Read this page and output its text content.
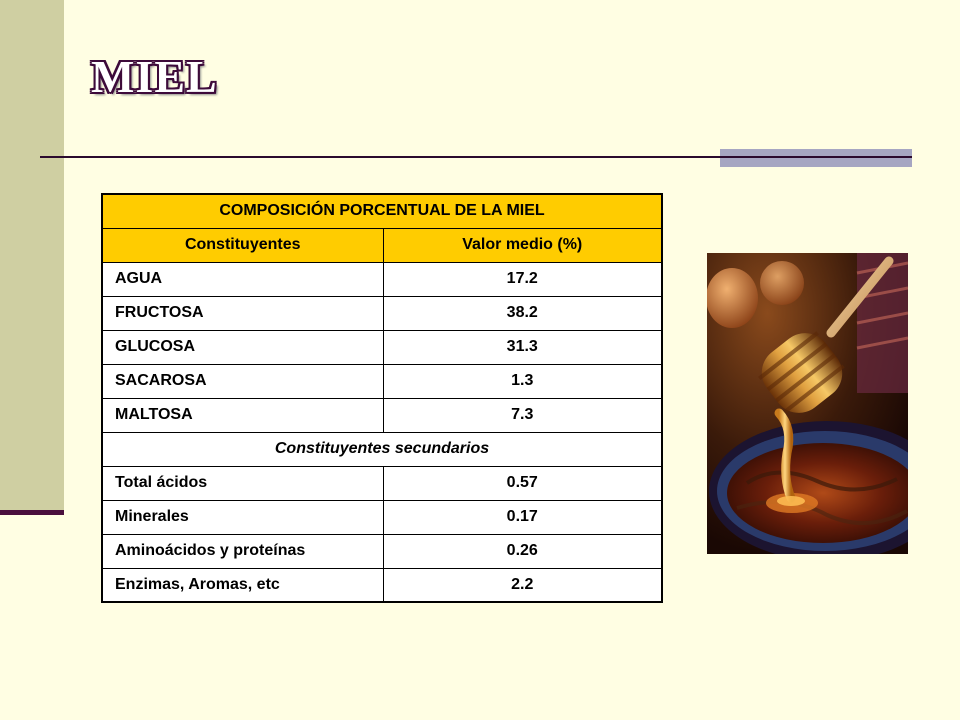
MIEL
COMPOSICIÓN PORCENTUAL DE LA MIEL	
Constituyentes	Valor medio (%)
AGUA	17.2
FRUCTOSA	38.2
GLUCOSA	31.3
SACAROSA	1.3
MALTOSA	7.3
Constituyentes secundarios	
Total ácidos	0.57
Minerales	0.17
Aminoácidos y proteínas	0.26
Enzimas, Aromas, etc	2.2
